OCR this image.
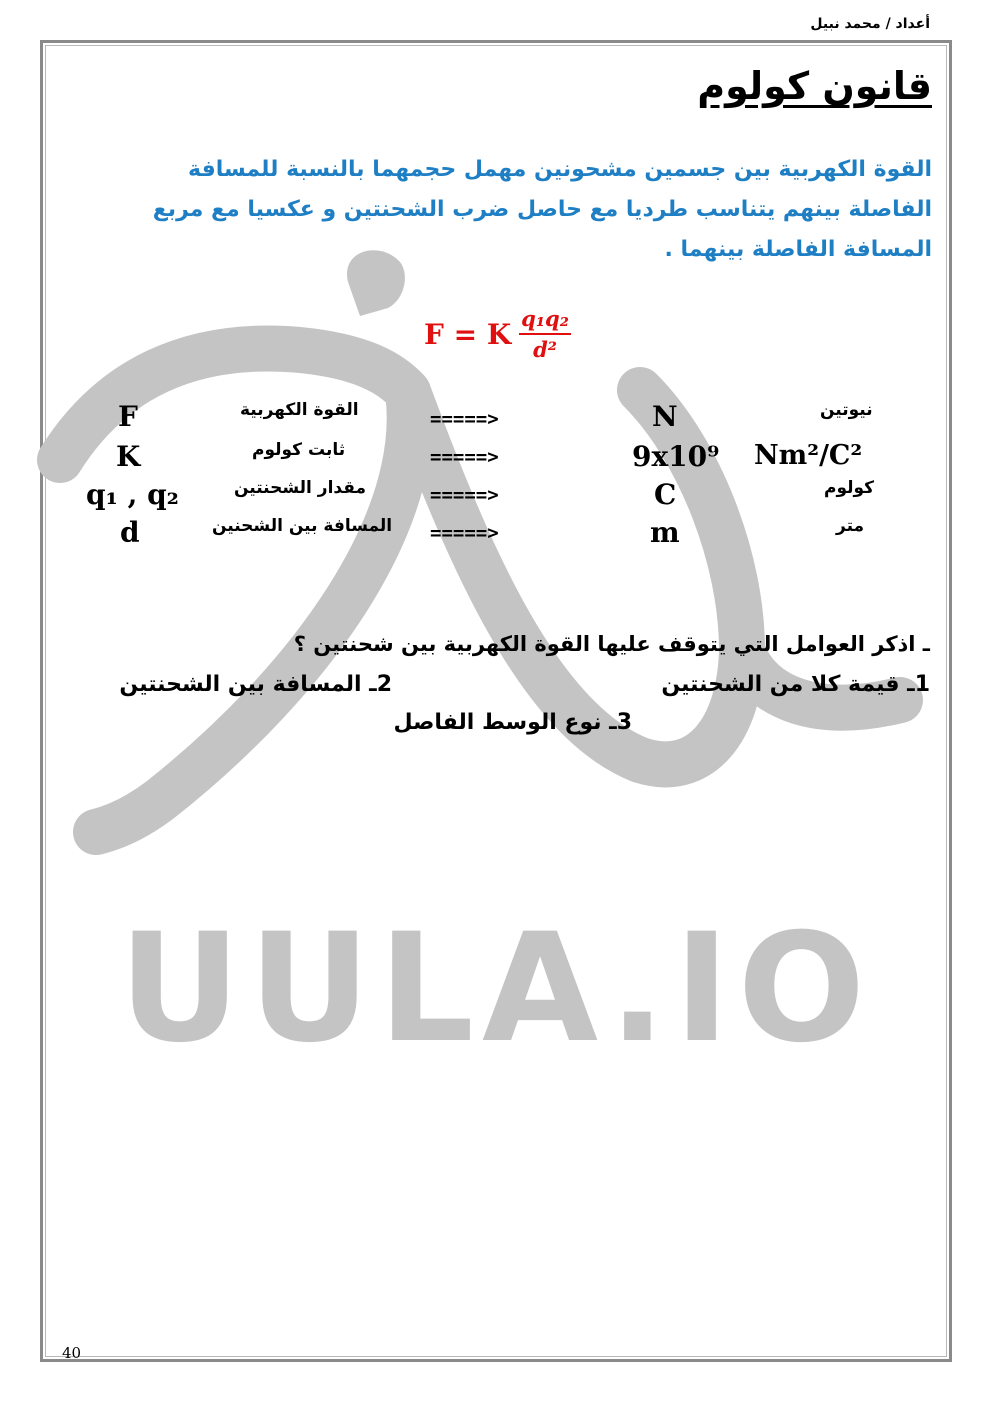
UULA.IO
أعداد / محمد نبيل
قانون كولوم
القوة الكهربية بين جسمين مشحونين مهمل حجمهما بالنسبة للمسافة الفاصلة بينهم يتناسب طرديا مع حاصل ضرب الشحنتين و عكسيا مع مربع المسافة الفاصلة بينهما .
F = K $\frac{\text{q₁q₂}}{\text{d²}}$
F	القوة الكهربية	=====>	N	نيوتين
K	ثابت كولوم	=====>	9x10⁹ Nm²/C²
q₁ , q₂	مقدار الشحنتين	=====>	C	كولوم
d	المسافة بين الشحنين =====>	m	متر
ـ اذكر العوامل التي يتوقف عليها القوة الكهربية بين شحنتين ؟
1ـ قيمة كلا من الشحنتين
2ـ المسافة بين الشحنتين
3ـ نوع الوسط الفاصل
40
